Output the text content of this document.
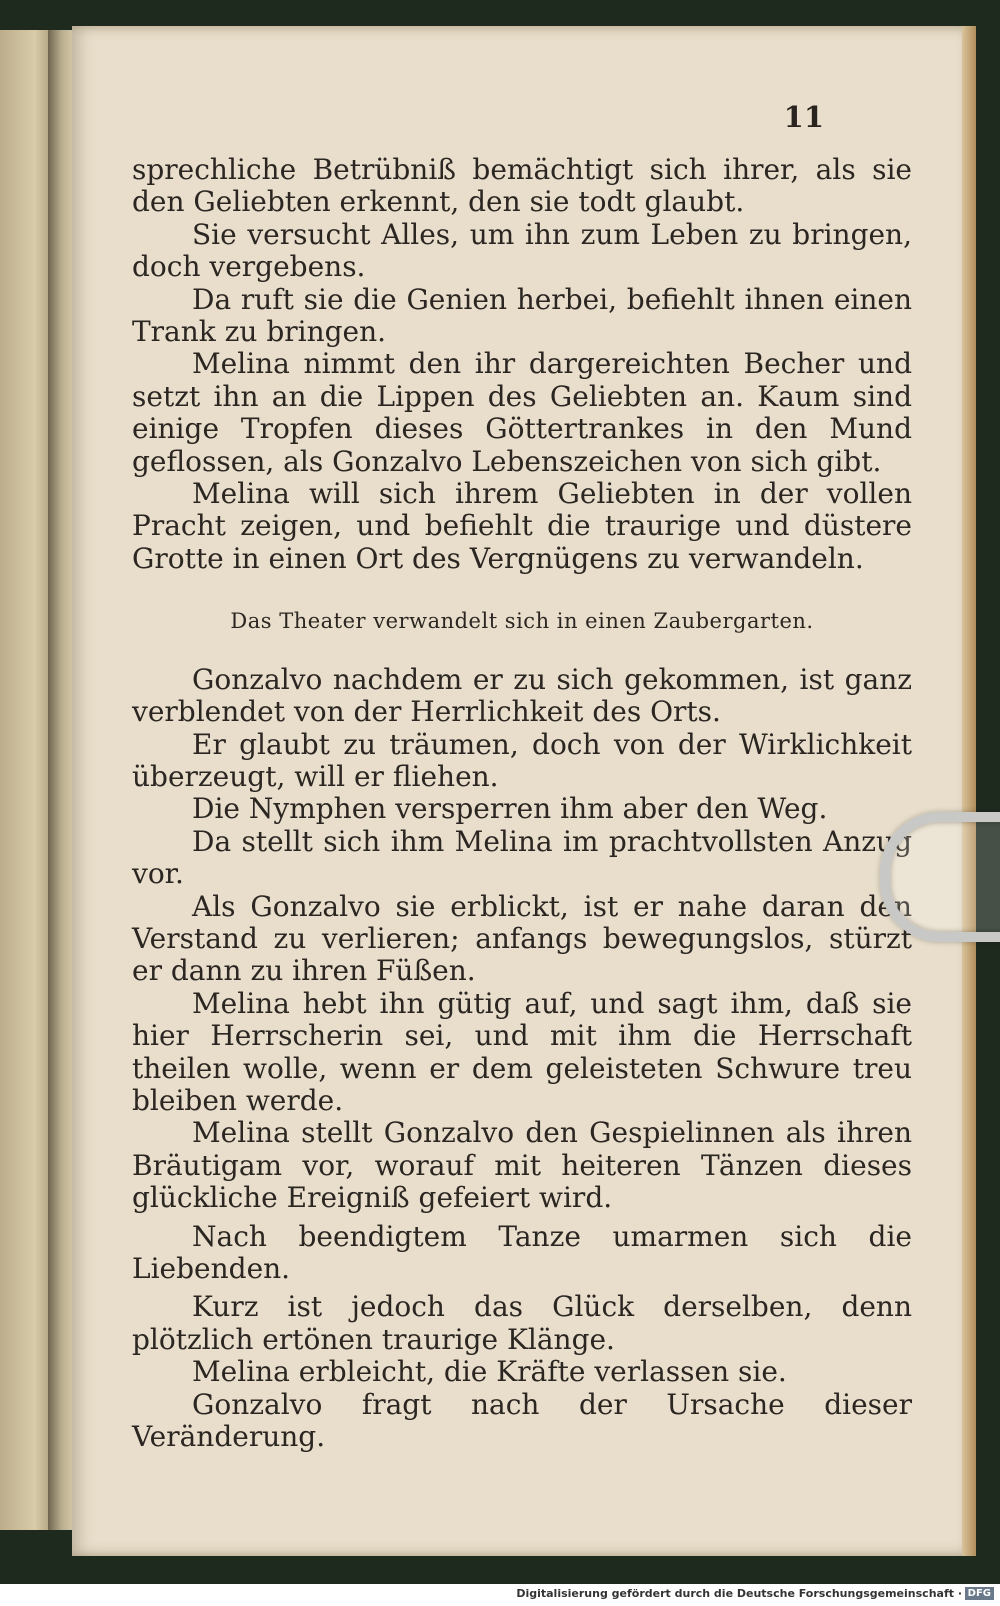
11

sprechliche Betrübniß bemächtigt sich ihrer, als sie den Geliebten erkennt, den sie todt glaubt.

Sie versucht Alles, um ihn zum Leben zu bringen, doch vergebens.

Da ruft sie die Genien herbei, befiehlt ihnen einen Trank zu bringen.

Melina nimmt den ihr dargereichten Becher und setzt ihn an die Lippen des Geliebten an. Kaum sind einige Tropfen dieses Göttertrankes in den Mund geflossen, als Gonzalvo Lebenszeichen von sich gibt.

Melina will sich ihrem Geliebten in der vollen Pracht zeigen, und befiehlt die traurige und düstere Grotte in einen Ort des Vergnügens zu verwandeln.

Das Theater verwandelt sich in einen Zaubergarten.

Gonzalvo nachdem er zu sich gekommen, ist ganz verblendet von der Herrlichkeit des Orts.

Er glaubt zu träumen, doch von der Wirklichkeit überzeugt, will er fliehen.

Die Nymphen versperren ihm aber den Weg.

Da stellt sich ihm Melina im prachtvollsten Anzug vor.

Als Gonzalvo sie erblickt, ist er nahe daran den Verstand zu verlieren; anfangs bewegungslos, stürzt er dann zu ihren Füßen.

Melina hebt ihn gütig auf, und sagt ihm, daß sie hier Herrscherin sei, und mit ihm die Herrschaft theilen wolle, wenn er dem geleisteten Schwure treu bleiben werde.

Melina stellt Gonzalvo den Gespielinnen als ihren Bräutigam vor, worauf mit heiteren Tänzen dieses glückliche Ereigniß gefeiert wird.

Nach beendigtem Tanze umarmen sich die Liebenden.

Kurz ist jedoch das Glück derselben, denn plötzlich ertönen traurige Klänge.

Melina erbleicht, die Kräfte verlassen sie.

Gonzalvo fragt nach der Ursache dieser Veränderung.

Digitalisierung gefördert durch die Deutsche Forschungsgemeinschaft · DFG
